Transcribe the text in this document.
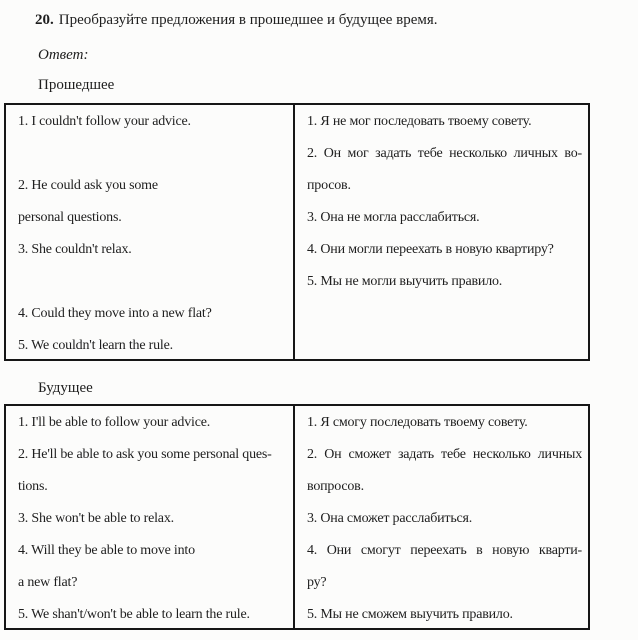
20. Преобразуйте предложения в прошедшее и будущее время.
Ответ:
Прошедшее
1. I couldn't follow your advice.
2. He could ask you some
personal questions.
3. She couldn't relax.
4. Could they move into a new flat?
5. We couldn't learn the rule.
1. Я не мог последовать твоему совету.
2. Он мог задать тебе несколько личных во-
просов.
3. Она не могла расслабиться.
4. Они могли переехать в новую квартиру?
5. Мы не могли выучить правило.
Будущее
1. I'll be able to follow your advice.
2. He'll be able to ask you some personal ques-
tions.
3. She won't be able to relax.
4. Will they be able to move into
a new flat?
5. We shan't/won't be able to learn the rule.
1. Я смогу последовать твоему совету.
2. Он сможет задать тебе несколько личных
вопросов.
3. Она сможет расслабиться.
4. Они смогут переехать в новую кварти-
ру?
5. Мы не сможем выучить правило.
